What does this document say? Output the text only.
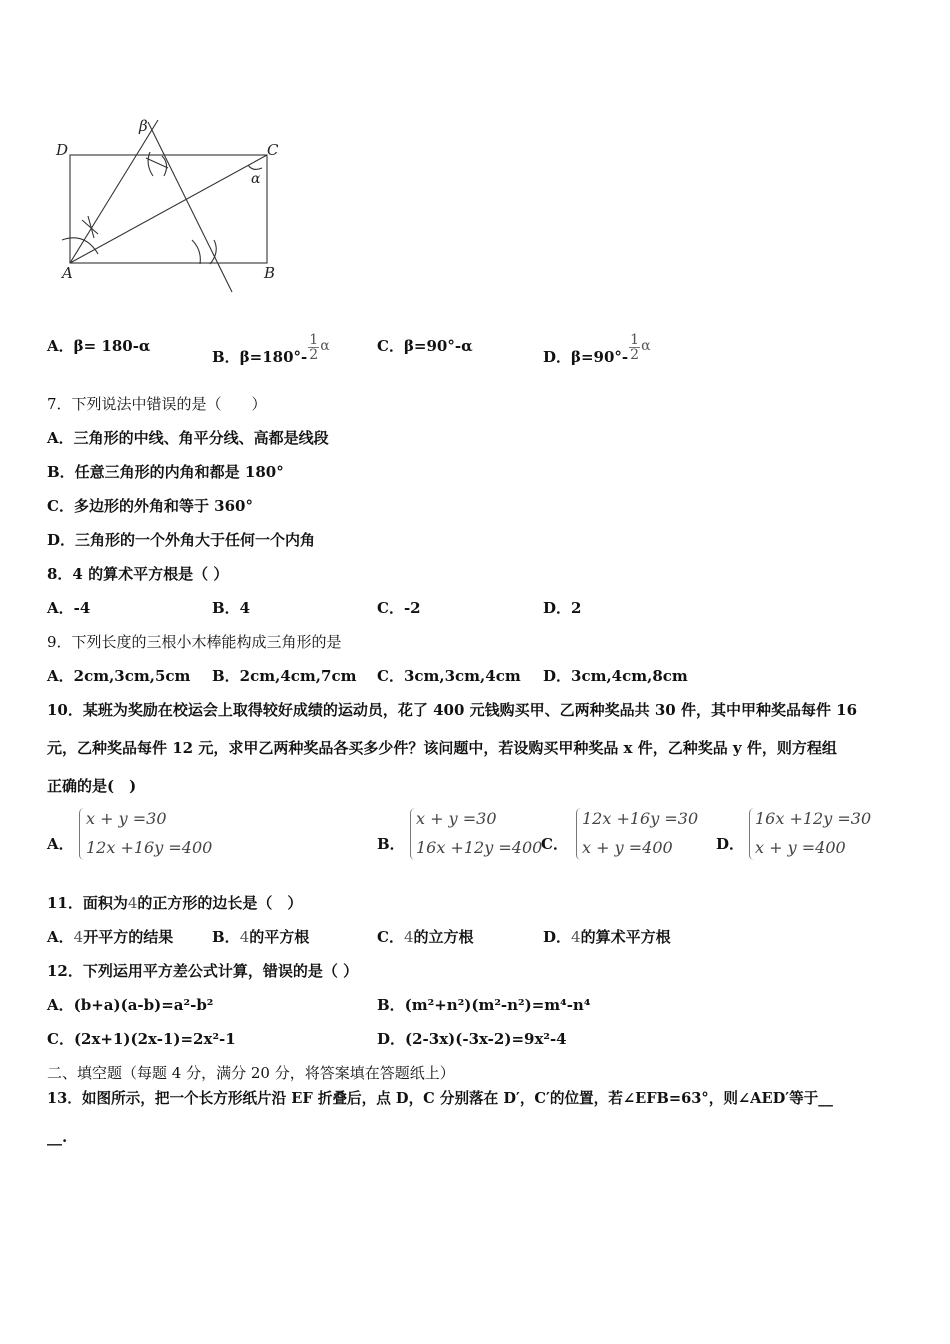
D	C
A	B
β
α
A．β= 180-α
B．$\beta=180^\circ- \frac{1}{2}$ α	C．β=90°-α
D．$\beta=90^\circ- \frac{1}{2}$ α
7．下列说法中错误的是（　　）
A．三角形的中线、角平分线、高都是线段
B．任意三角形的内角和都是 180°
C．多边形的外角和等于 360°
D．三角形的一个外角大于任何一个内角
8．4 的算术平方根是（ ）
A．-4	B．4	C．-2	D．2
9．下列长度的三根小木棒能构成三角形的是
A．2cm,3cm,5cm B．2cm,4cm,7cm C．3cm,3cm,4cm D．3cm,4cm,8cm
10．某班为奖励在校运会上取得较好成绩的运动员，花了 400 元钱购买甲、乙两种奖品共 30 件，其中甲种奖品每件 16
元，乙种奖品每件 12 元，求甲乙两种奖品各买多少件？该问题中，若设购买甲种奖品 x 件，乙种奖品 y 件，则方程组
正确的是(　)
A．
x + y =30
12x +16y =400	B．
x + y =30
16x +12y =400
C．
12x +16y =30
x + y =400	D．
16x +12y =30
x + y =400
11．面积为4的正方形的边长是（　）
A．4开平方的结果	B．4的平方根	C．4的立方根	D．4的算术平方根
12．下列运用平方差公式计算，错误的是（ ）
A．(b+a)(a-b)=a²-b²	B．(m²+n²)(m²-n²)=m⁴-n⁴
C．(2x+1)(2x-1)=2x²-1	D．(2-3x)(-3x-2)=9x²-4
二、填空题（每题 4 分，满分 20 分，将答案填在答题纸上）
13．如图所示，把一个长方形纸片沿 EF 折叠后，点 D，C 分别落在 D′，C′的位置，若∠EFB=63°，则∠AED′等于__
__.
